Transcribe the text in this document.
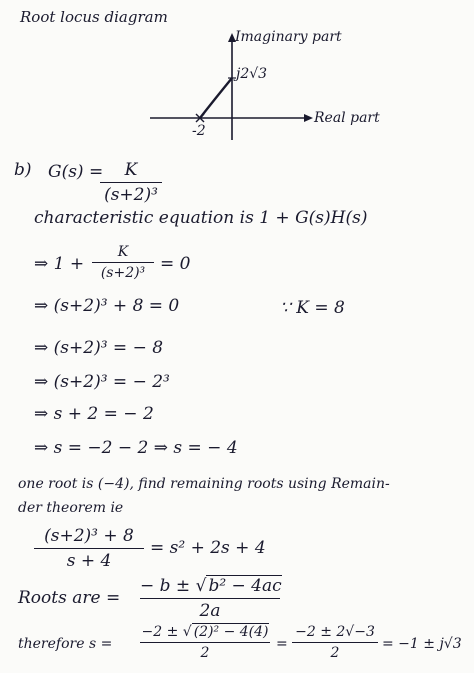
Root locus diagram
Imaginary part
j2√3
Real part
-2
b) G(s) =	K
(s+2)³
characteristic equation is 1 + G(s)H(s)
⇒ 1 +
K
(s+2)³ = 0
⇒ (s+2)³ + 8 = 0	∵ K = 8
⇒ (s+2)³ = − 8
⇒ (s+2)³ = − 2³
⇒ s + 2 = − 2
⇒ s = −2 − 2 ⇒ s = − 4
one root is (−4), find remaining roots using Remain-
der theorem ie
(s+2)³ + 8
s + 4
= s² + 2s + 4
Roots are =
− b ± √ b² − 4ac
2a
therefore s =
−2 ± √ (2)² − 4(4)
2
=
−2 ± 2√−3
2
= −1 ± j√3
